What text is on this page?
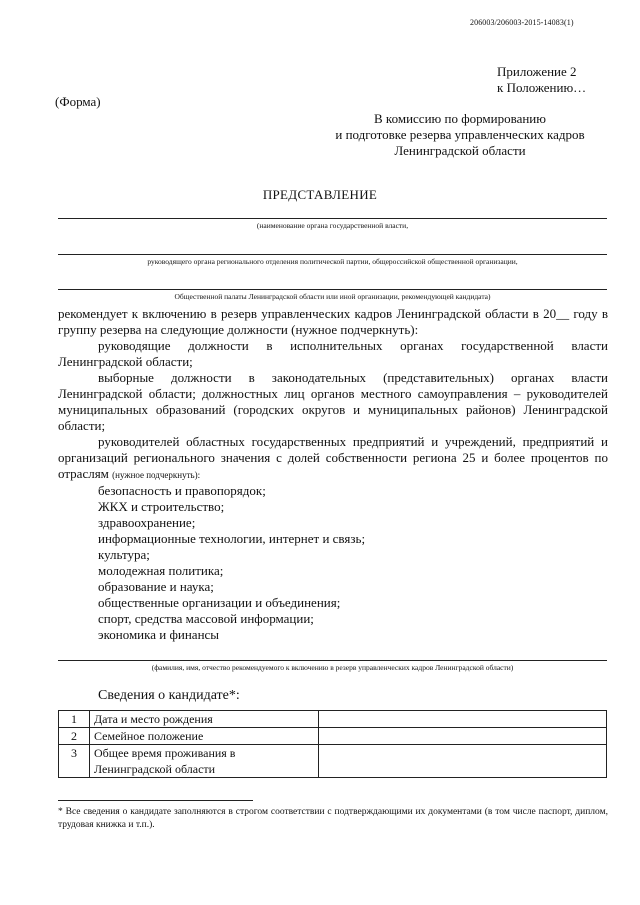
206003/206003-2015-14083(1)
Приложение 2
к Положению…
(Форма)
В комиссию по формированию
и подготовке резерва управленческих кадров
Ленинградской области
ПРЕДСТАВЛЕНИЕ
(наименование органа государственной власти,
руководящего органа регионального отделения политической партии, общероссийской общественной организации,
Общественной палаты Ленинградской области или иной организации, рекомендующей кандидата)

рекомендует к включению в резерв управленческих кадров Ленинградской области в 20__ году в группу резерва на следующие должности (нужное подчеркнуть):

руководящие должности в исполнительных органах государственной власти Ленинградской области;

выборные должности в законодательных (представительных) органах власти Ленинградской области; должностных лиц органов местного самоуправления – руководителей муниципальных образований (городских округов и муниципальных районов) Ленинградской области;

руководителей областных государственных предприятий и учреждений, предприятий и организаций регионального значения с долей собственности региона 25 и более процентов по отраслям (нужное подчеркнуть):

безопасность и правопорядок;
ЖКХ и строительство;
здравоохранение;
информационные технологии, интернет и связь;
культура;
молодежная политика;
образование и наука;
общественные организации и объединения;
спорт, средства массовой информации;
экономика и финансы
(фамилия, имя, отчество рекомендуемого к включению в резерв управленческих кадров Ленинградской области)
Сведения о кандидате*:
1	Дата и место рождения	
2	Семейное положение	
3	Общее время проживания в Ленинградской области	
* Все сведения о кандидате заполняются в строгом соответствии с подтверждающими их документами (в том числе паспорт, диплом, трудовая книжка и т.п.).
